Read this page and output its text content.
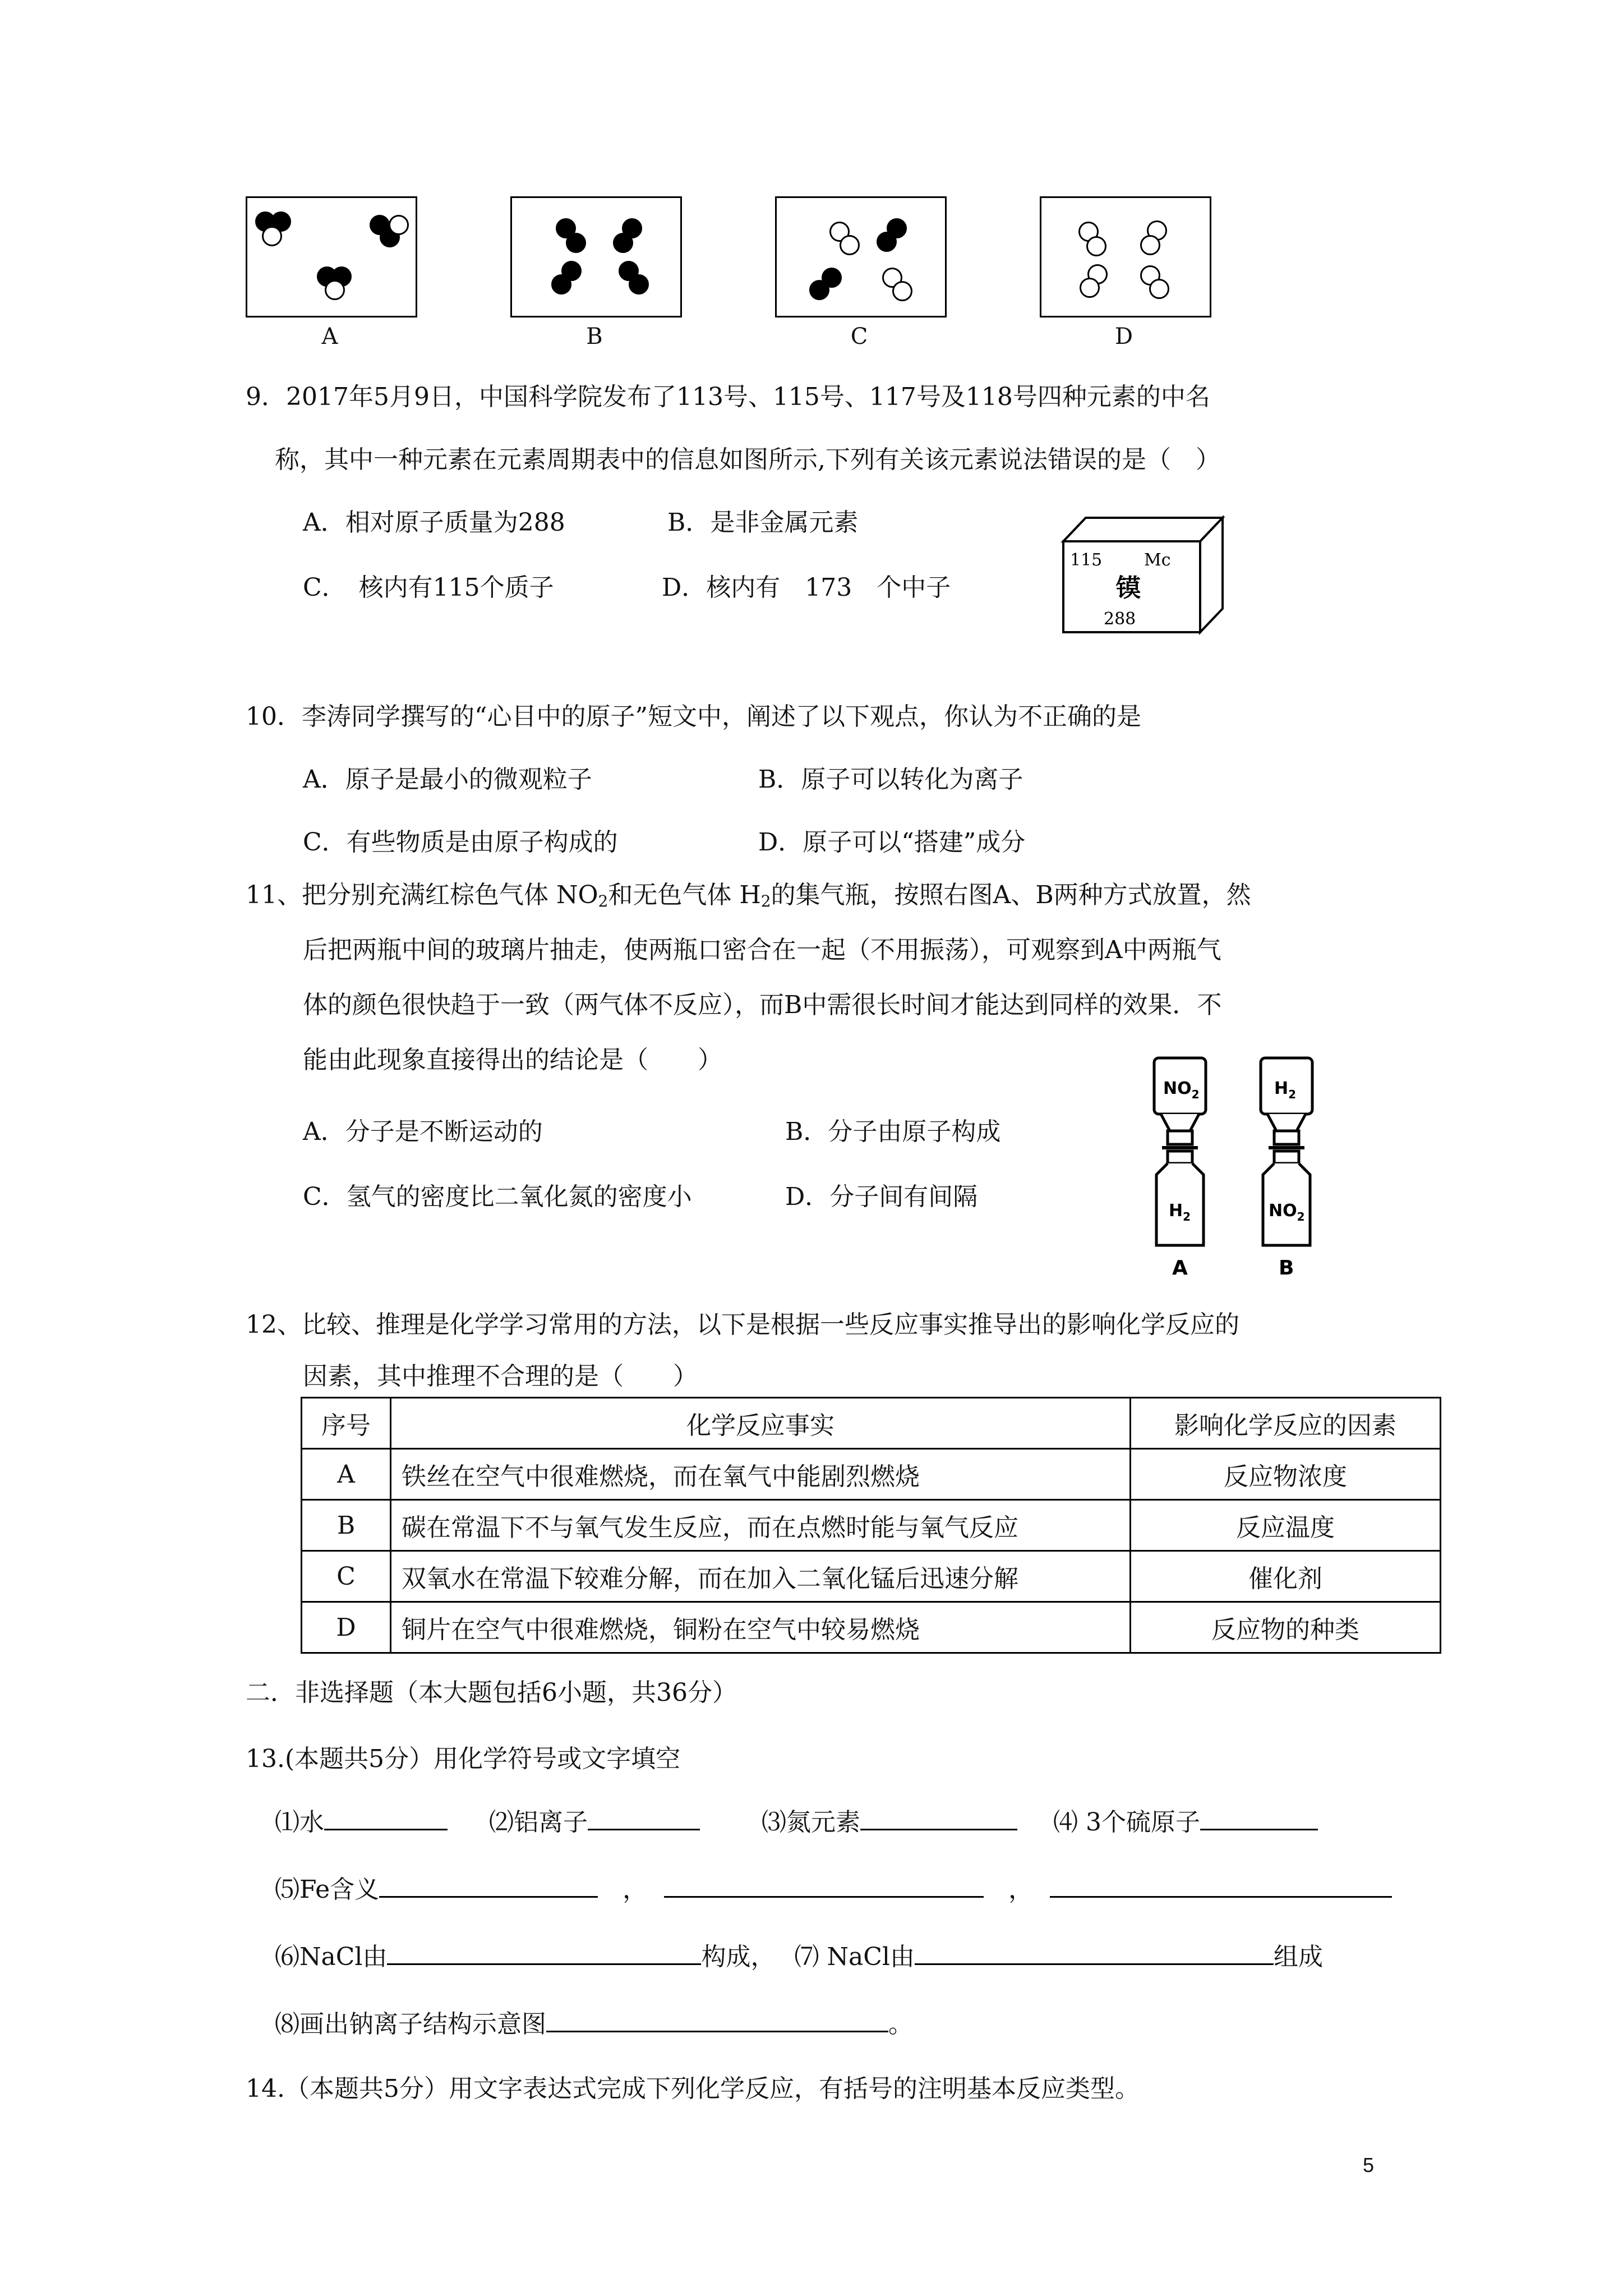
A	B	C	D
9．2017年5月9日，中国科学院发布了113号、115号、117号及118号四种元素的中名
称，其中一种元素在元素周期表中的信息如图所示,下列有关该元素说法错误的是（　）
A．相对原子质量为288	B．是非金属元素
C．　核内有115个质子	D．核内有　173　个中子
115 Mc
镆
288
10．李涛同学撰写的“心目中的原子”短文中，阐述了以下观点，你认为不正确的是
A．原子是最小的微观粒子	B．原子可以转化为离子
C．有些物质是由原子构成的	D．原子可以“搭建”成分
11、把分别充满红棕色气体 $NO_2$和无色气体 $H_2$的集气瓶，按照右图A、B两种方式放置，然
后把两瓶中间的玻璃片抽走，使两瓶口密合在一起（不用振荡），可观察到A中两瓶气
体的颜色很快趋于一致（两气体不反应），而B中需很长时间才能达到同样的效果．不
能由此现象直接得出的结论是（　　）
A．分子是不断运动的	B．分子由原子构成
C．氢气的密度比二氧化氮的密度小	D．分子间有间隔
$NO_2$
$H_2$
A
$H_2$
$NO_2$
B
12、比较、推理是化学学习常用的方法，以下是根据一些反应事实推导出的影响化学反应的
因素，其中推理不合理的是（　　）
序号	化学反应事实	影响化学反应的因素
A	铁丝在空气中很难燃烧，而在氧气中能剧烈燃烧	反应物浓度
B	碳在常温下不与氧气发生反应，而在点燃时能与氧气反应	反应温度
C	双氧水在常温下较难分解，而在加入二氧化锰后迅速分解	催化剂
D	铜片在空气中很难燃烧，铜粉在空气中较易燃烧	反应物的种类
二．非选择题（本大题包括6小题，共36分）
13.(本题共5分）用化学符号或文字填空
⑴水	⑵铝离子	⑶氮元素	⑷ 3个硫原子
⑸Fe含义	，	，
⑹NaCl由	构成， ⑺ NaCl由	组成
⑻画出钠离子结构示意图	。
14.（本题共5分）用文字表达式完成下列化学反应，有括号的注明基本反应类型。
5
